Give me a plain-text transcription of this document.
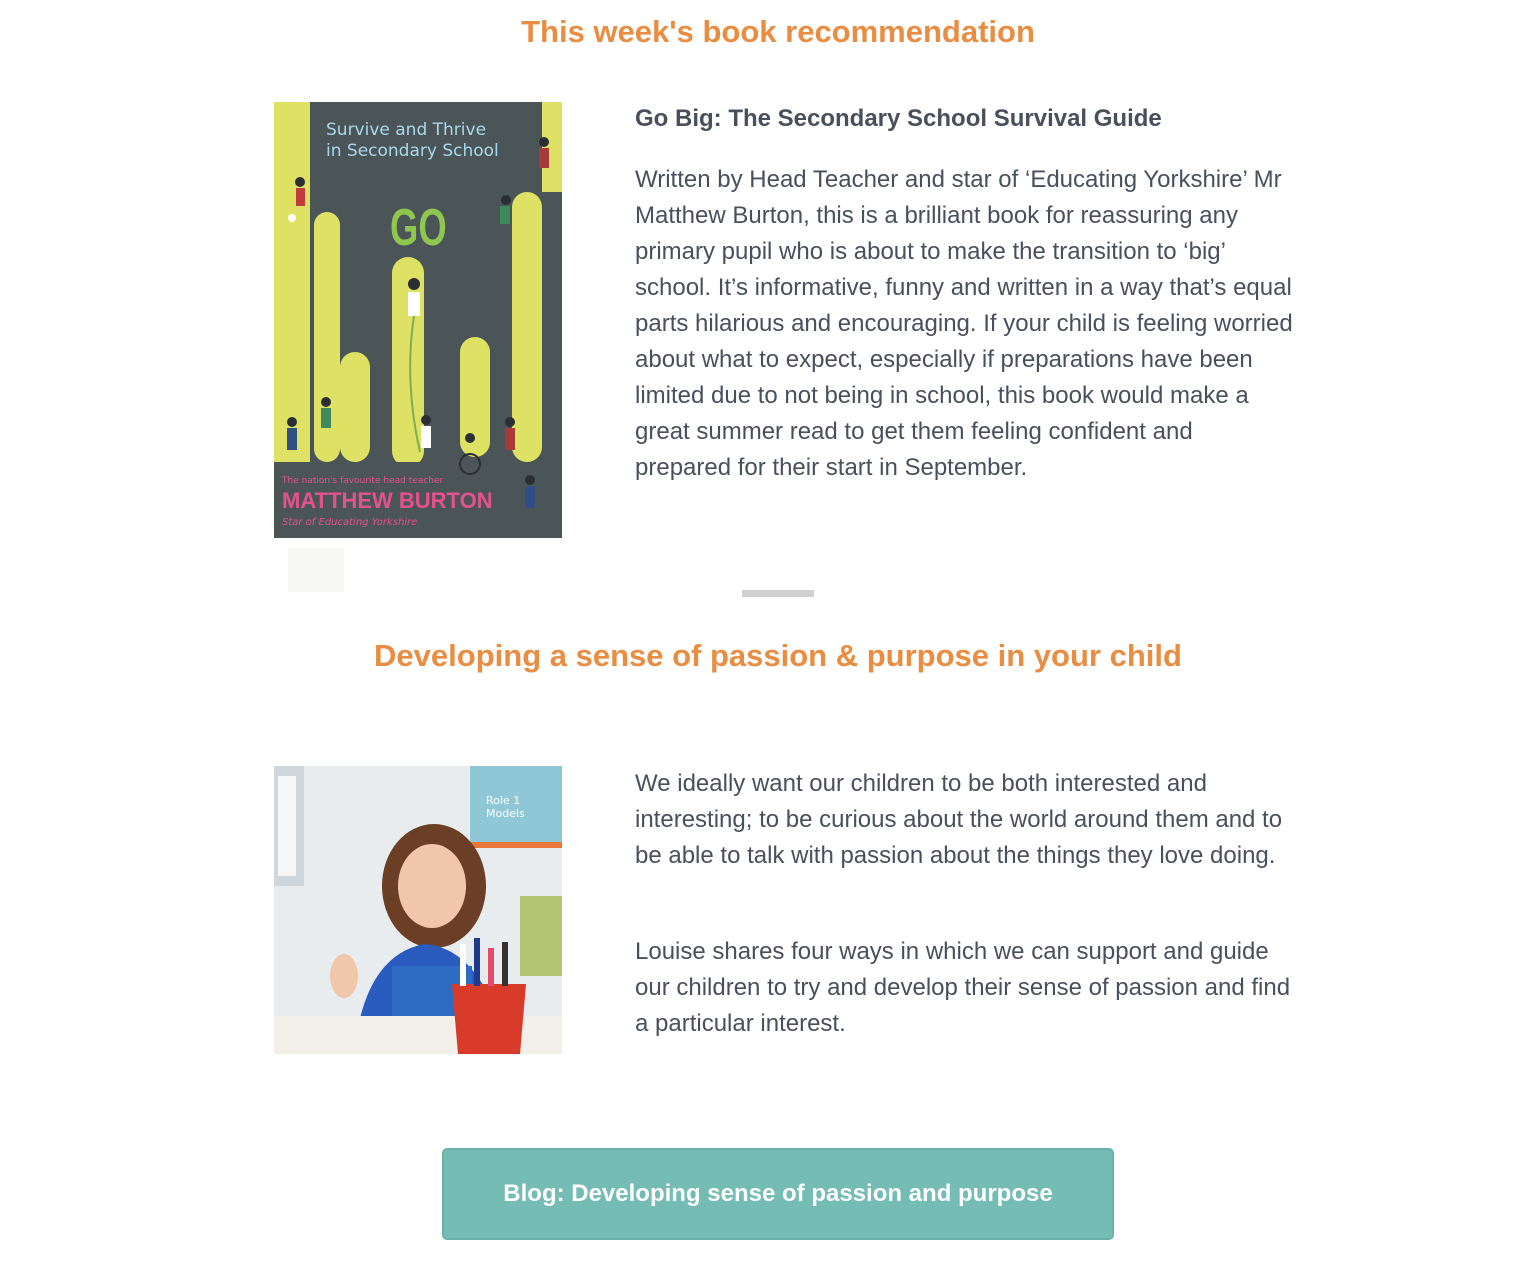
This week's book recommendation
Survive and Thrive
in Secondary School
GO
The nation's favourite head teacher
MATTHEW BURTON
Star of Educating Yorkshire
Go Big: The Secondary School Survival Guide
Written by Head Teacher and star of ‘Educating Yorkshire’ Mr Matthew Burton, this is a brilliant book for reassuring any primary pupil who is about to make the transition to ‘big’ school. It’s informative, funny and written in a way that’s equal parts hilarious and encouraging. If your child is feeling worried about what to expect, especially if preparations have been limited due to not being in school, this book would make a great summer read to get them feeling confident and prepared for their start in September.
Developing a sense of passion & purpose in your child
Role 1 Models
We ideally want our children to be both interested and interesting; to be curious about the world around them and to be able to talk with passion about the things they love doing.
Louise shares four ways in which we can support and guide our children to try and develop their sense of passion and find a particular interest.
Blog: Developing sense of passion and purpose
